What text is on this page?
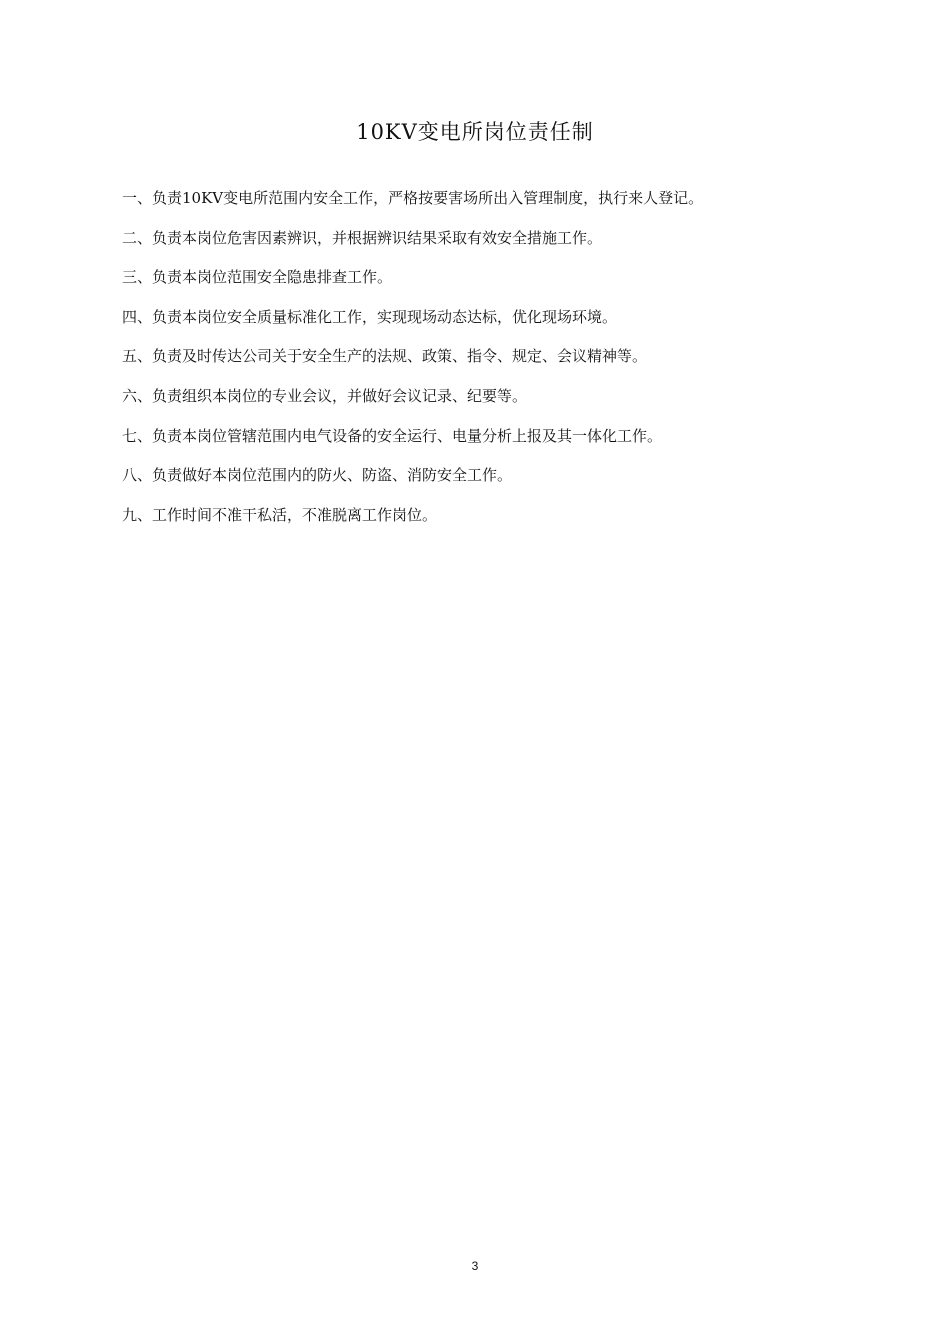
10KV变电所岗位责任制
一、负责10KV变电所范围内安全工作，严格按要害场所出入管理制度，执行来人登记。
二、负责本岗位危害因素辨识，并根据辨识结果采取有效安全措施工作。
三、负责本岗位范围安全隐患排查工作。
四、负责本岗位安全质量标准化工作，实现现场动态达标，优化现场环境。
五、负责及时传达公司关于安全生产的法规、政策、指令、规定、会议精神等。
六、负责组织本岗位的专业会议，并做好会议记录、纪要等。
七、负责本岗位管辖范围内电气设备的安全运行、电量分析上报及其一体化工作。
八、负责做好本岗位范围内的防火、防盗、消防安全工作。
九、工作时间不准干私活，不准脱离工作岗位。
3
